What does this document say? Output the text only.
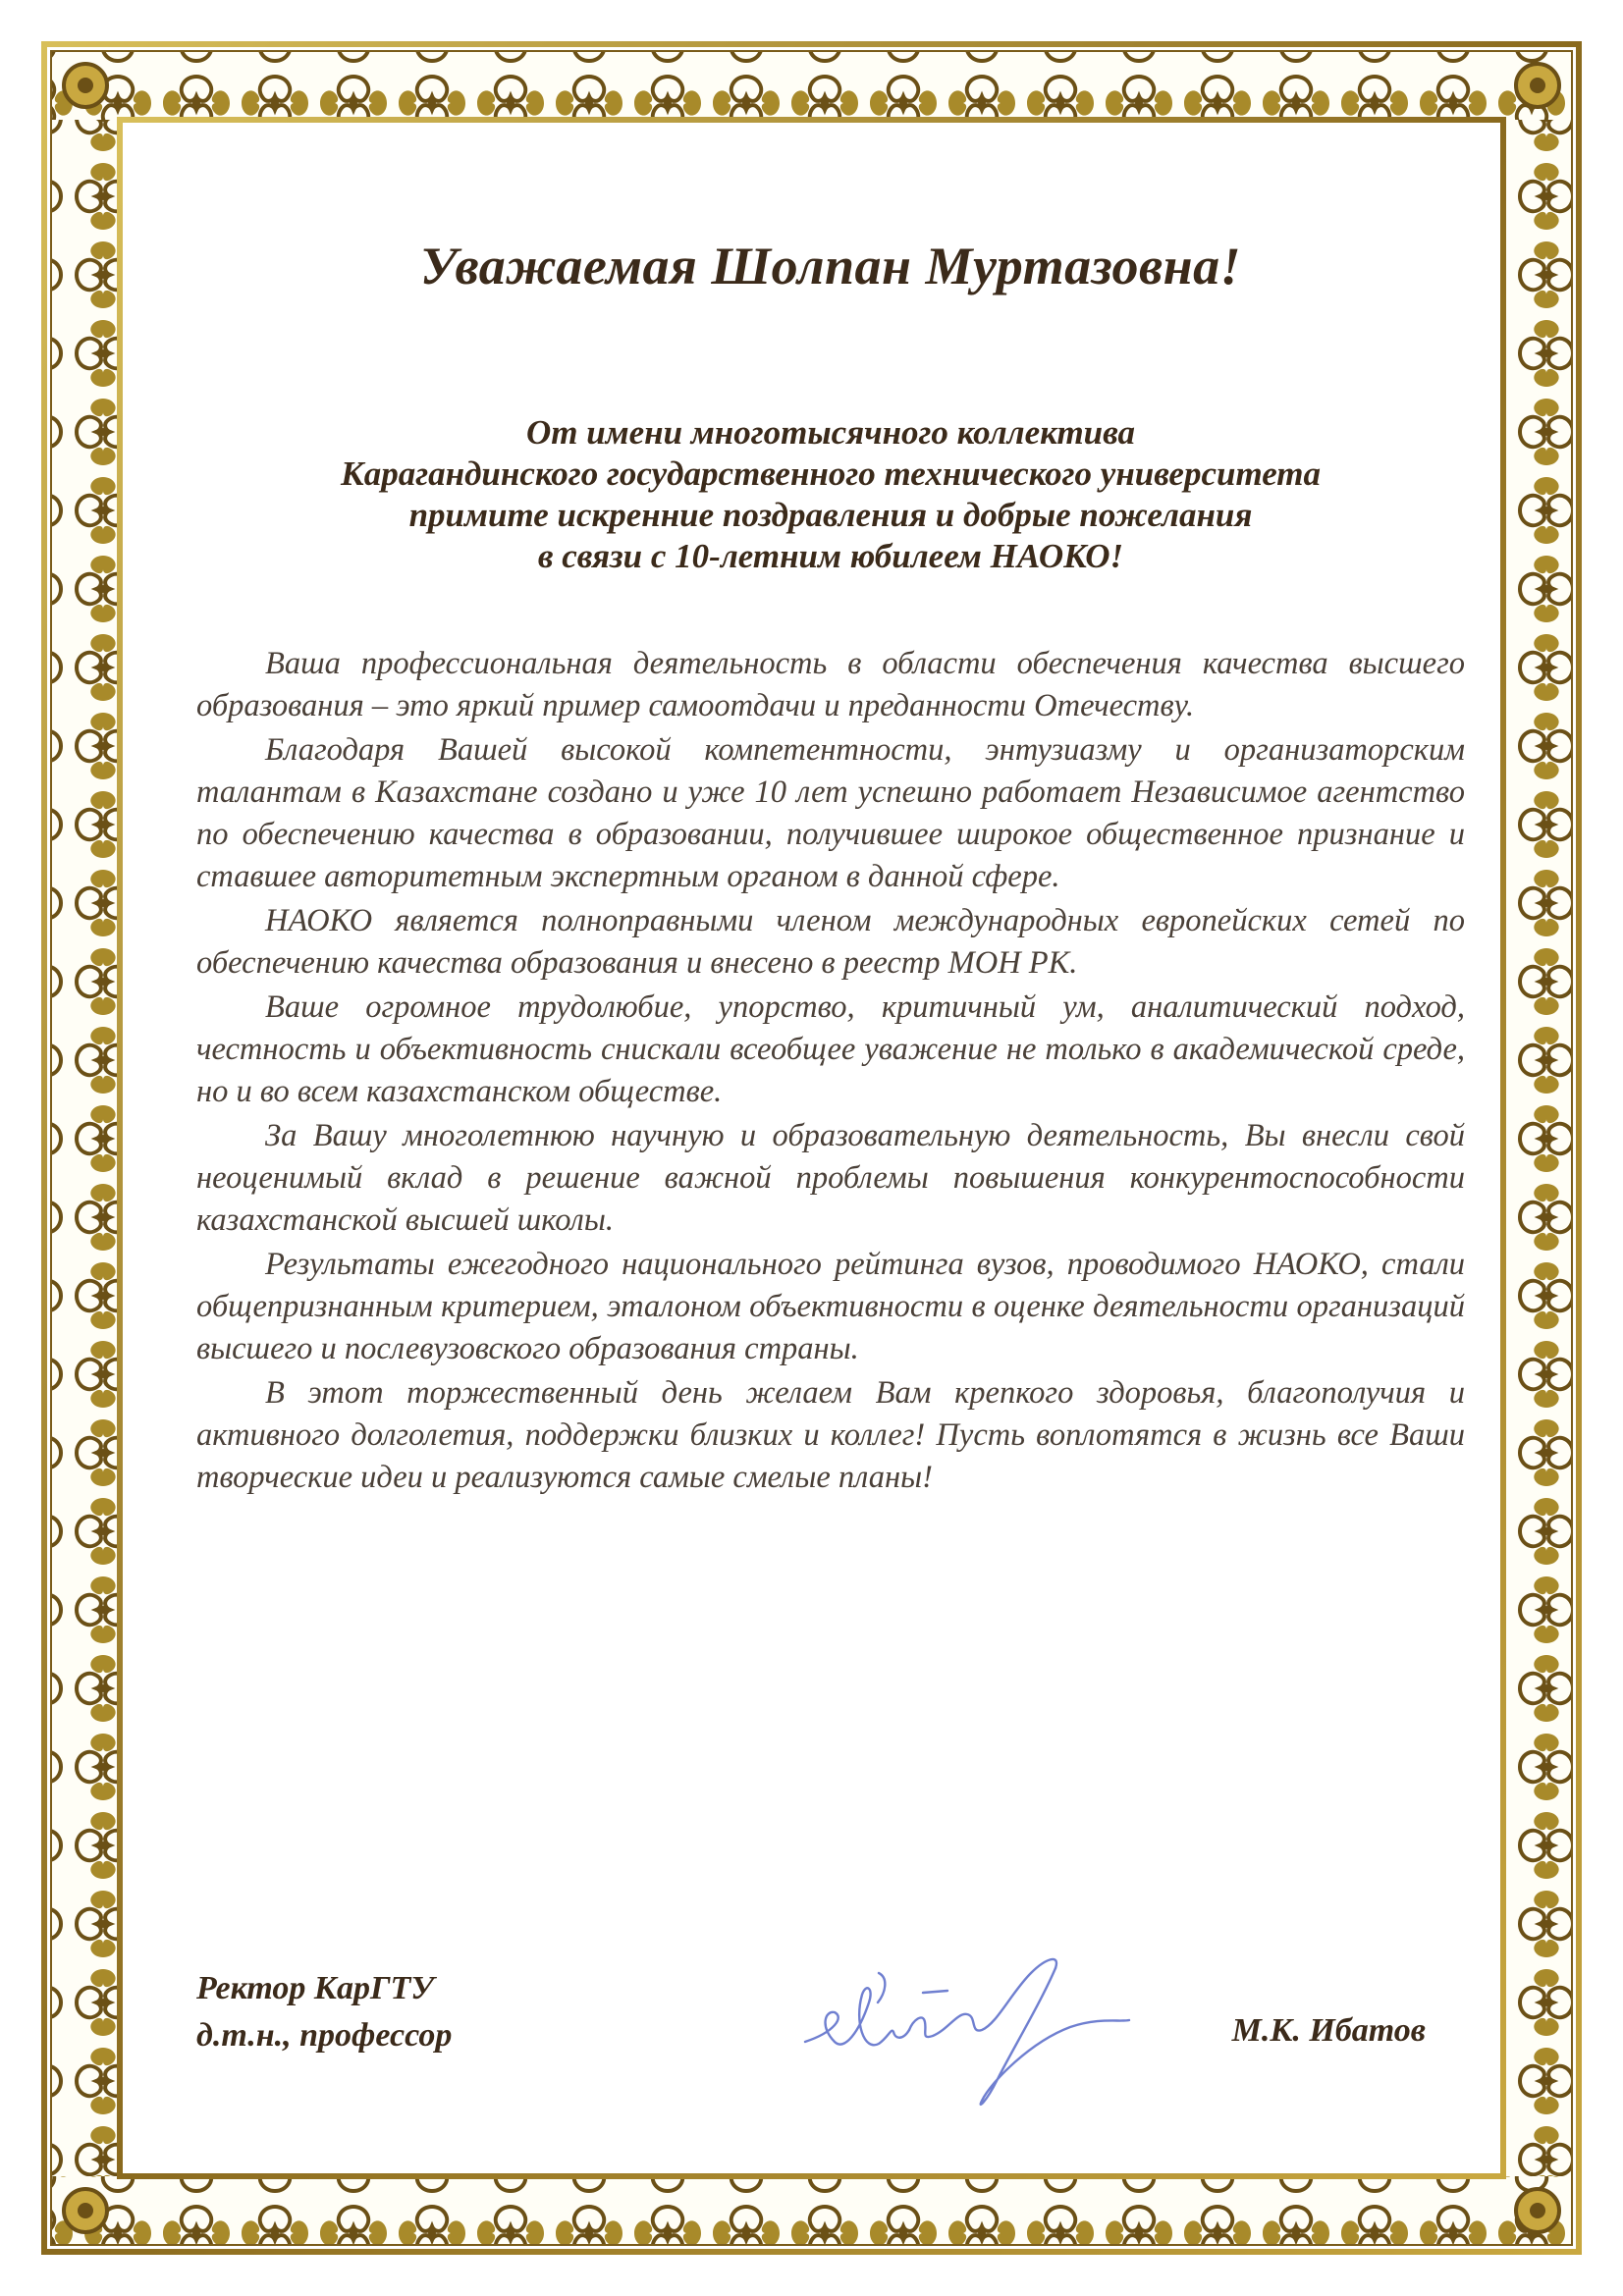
Уважаемая Шолпан Муртазовна!
От имени многотысячного коллектива
Карагандинского государственного технического университета
примите искренние поздравления и добрые пожелания
в связи с 10-летним юбилеем НАОКО!

Ваша профессиональная деятельность в области обеспечения качества высшего образования – это яркий пример самоотдачи и преданности Отечеству.

Благодаря Вашей высокой компетентности, энтузиазму и организаторским талантам в Казахстане создано и уже 10 лет успешно работает Независимое агентство по обеспечению качества в образовании, получившее широкое общественное признание и ставшее авторитетным экспертным органом в данной сфере.

НАОКО является полноправными членом международных европейских сетей по обеспечению качества образования и внесено в реестр МОН РК.

Ваше огромное трудолюбие, упорство, критичный ум, аналитический подход, честность и объективность снискали всеобщее уважение не только в академической среде, но и во всем казахстанском обществе.

За Вашу многолетнюю научную и образовательную деятельность, Вы внесли свой неоценимый вклад в решение важной проблемы повышения конкурентоспособности казахстанской высшей школы.

Результаты ежегодного национального рейтинга вузов, проводимого НАОКО, стали общепризнанным критерием, эталоном объективности в оценке деятельности организаций высшего и послевузовского образования страны.

В этот торжественный день желаем Вам крепкого здоровья, благополучия и активного долголетия, поддержки близких и коллег! Пусть воплотятся в жизнь все Ваши творческие идеи и реализуются самые смелые планы!

Ректор КарГТУ
д.т.н., профессор	М.К. Ибатов
